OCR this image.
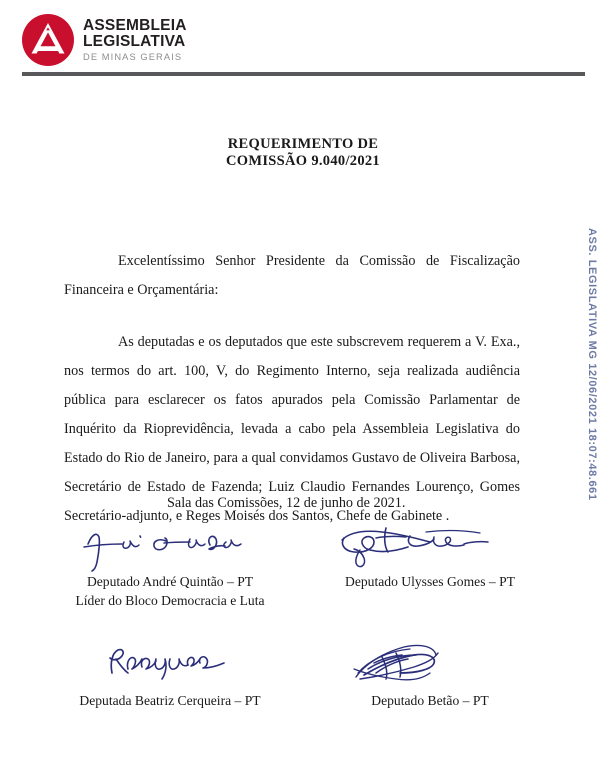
ASSEMBLEIA
LEGISLATIVA
DE MINAS GERAIS
ASS. LEGISLATIVA MG 12/06/2021 18:07:48.661
REQUERIMENTO DE
COMISSÃO 9.040/2021

Excelentíssimo Senhor Presidente da Comissão de Fiscalização Financeira e Orçamentária:

As deputadas e os deputados que este subscrevem requerem a V. Exa., nos termos do art. 100, V, do Regimento Interno, seja realizada audiência pública para esclarecer os fatos apurados pela Comissão Parlamentar de Inquérito da Rioprevidência, levada a cabo pela Assembleia Legislativa do Estado do Rio de Janeiro, para a qual convidamos Gustavo de Oliveira Barbosa, Secretário de Estado de Fazenda; Luiz Claudio Fernandes Lourenço, Gomes Secretário-adjunto, e Reges Moisés dos Santos, Chefe de Gabinete .

Sala das Comissões, 12 de junho de 2021.
Deputado André Quintão – PT
Líder do Bloco Democracia e Luta
Deputado Ulysses Gomes – PT
Deputada Beatriz Cerqueira – PT	Deputado Betão – PT
